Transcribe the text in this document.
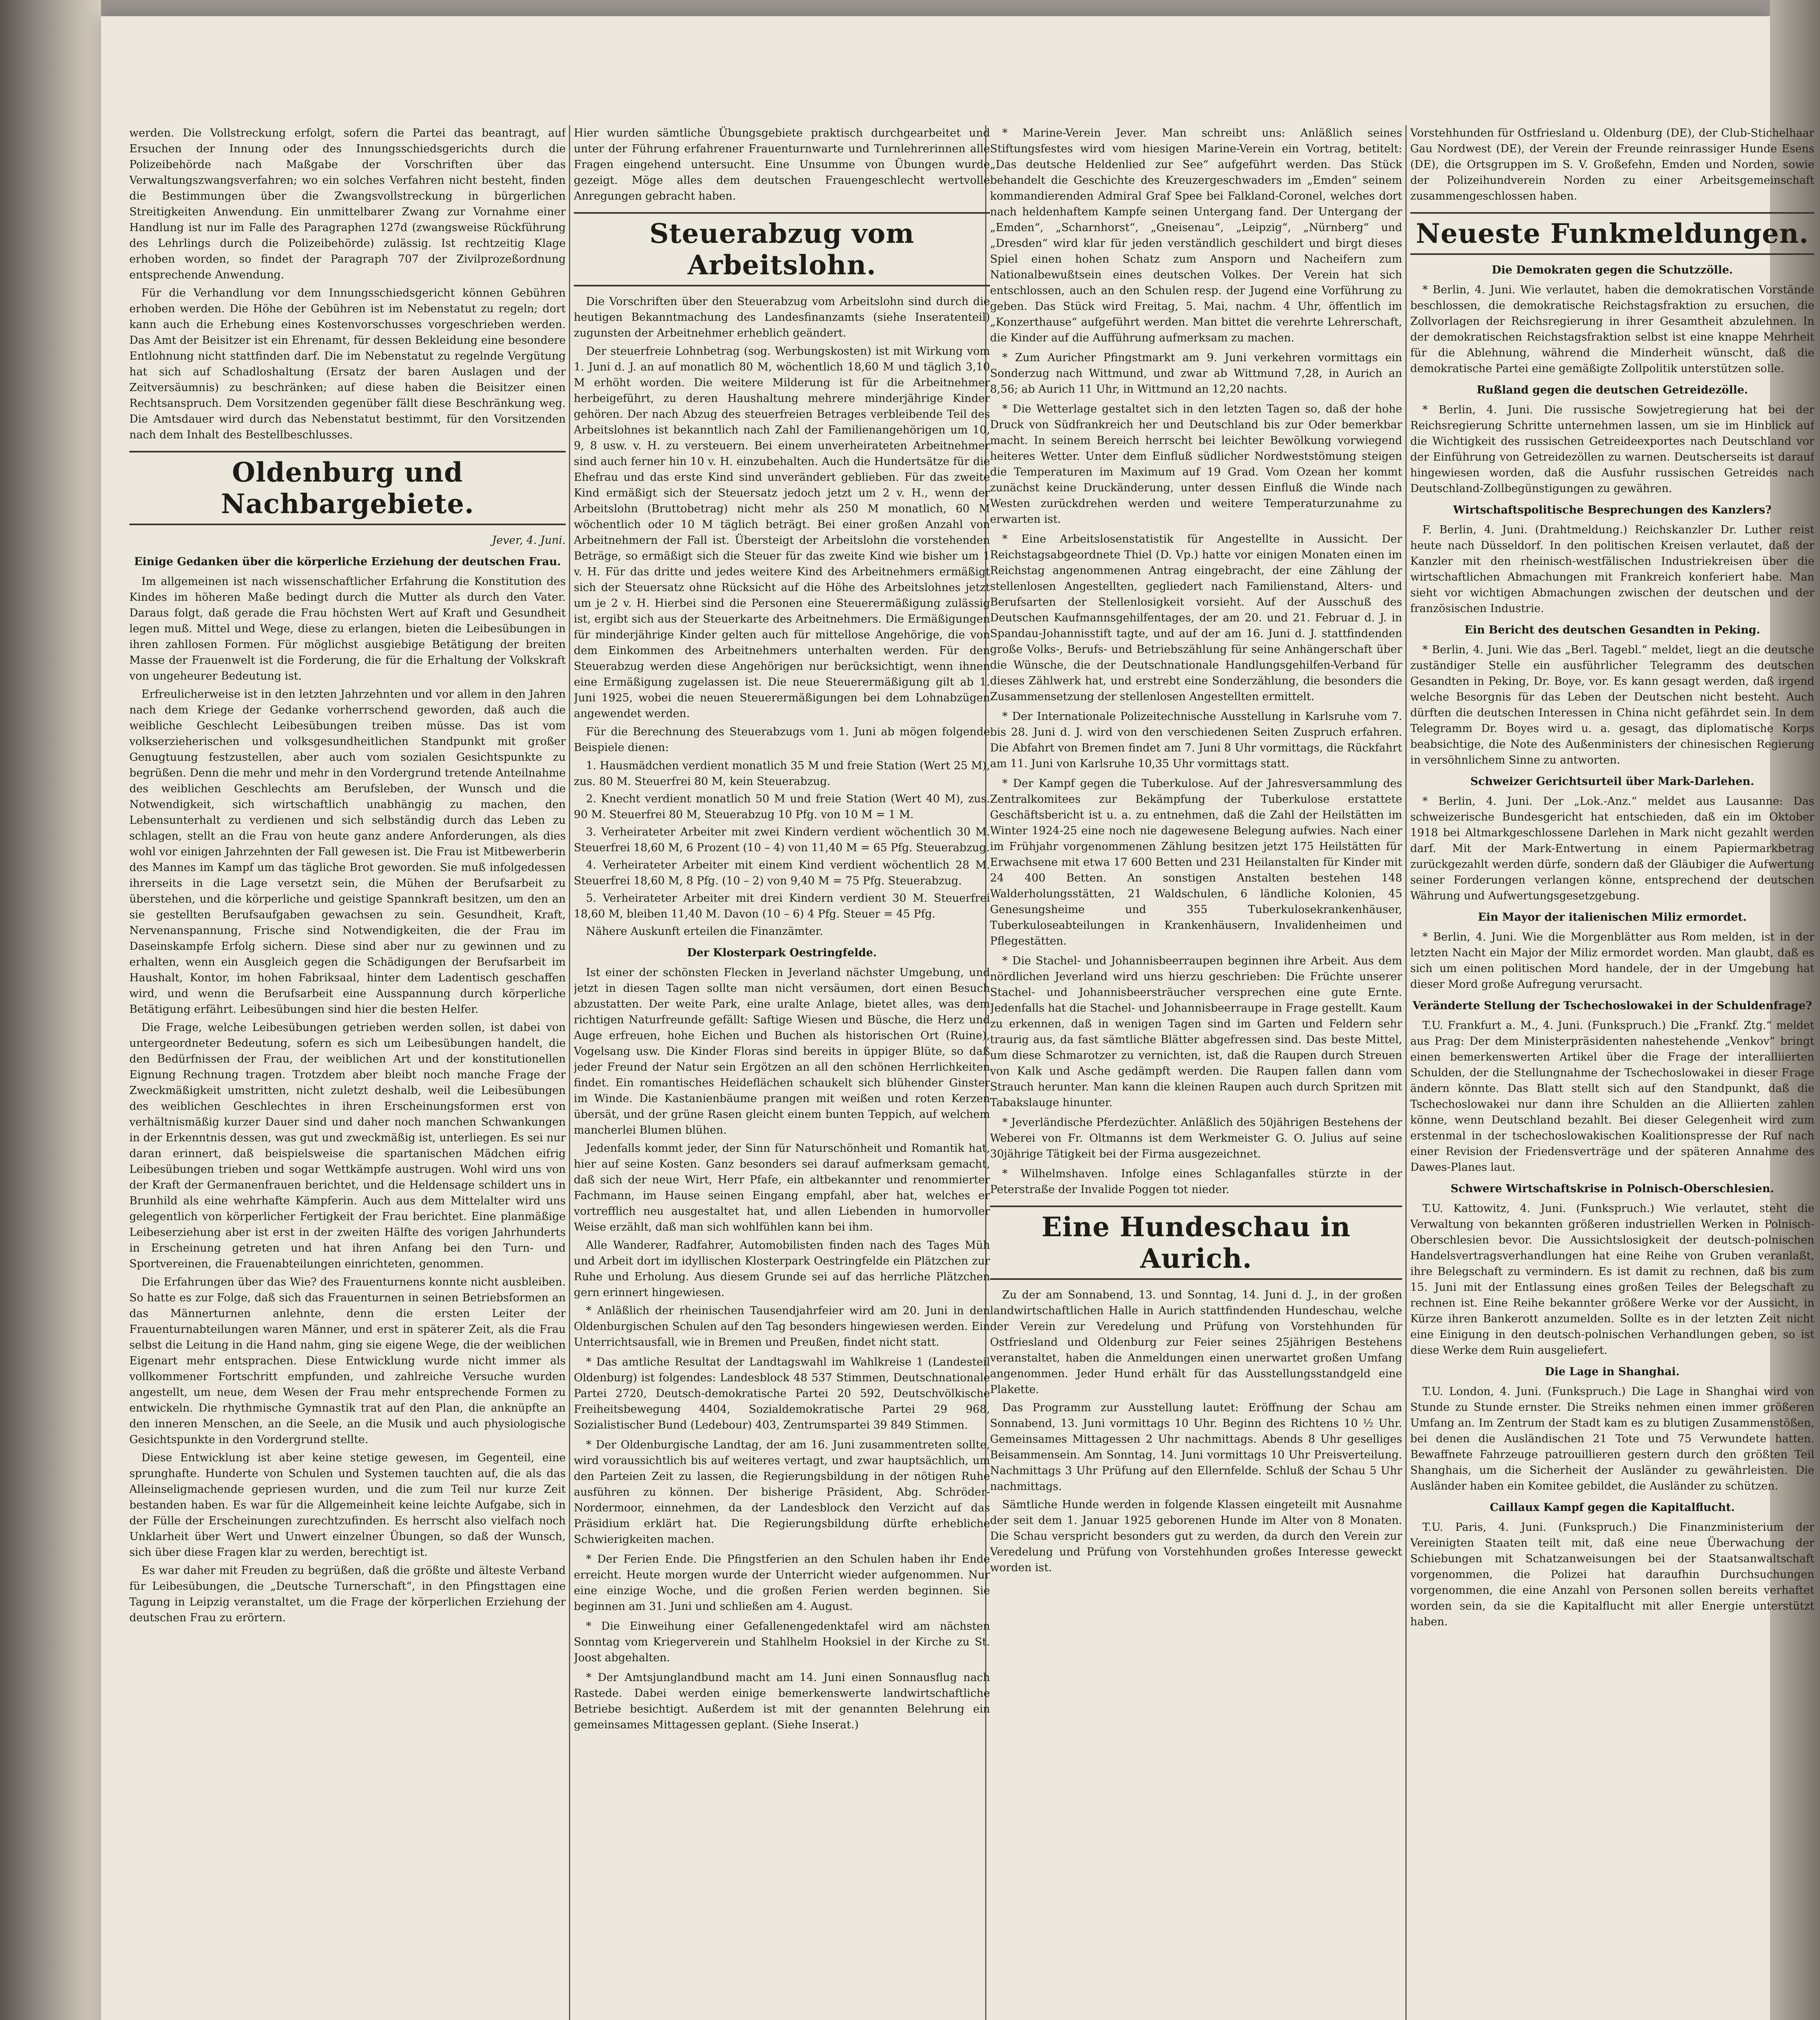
werden. Die Vollstreckung erfolgt, sofern die Partei das beantragt, auf Ersuchen der Innung oder des Innungsschiedsgerichts durch die Polizeibehörde nach Maßgabe der Vorschriften über das Verwaltungszwangsverfahren; wo ein solches Verfahren nicht besteht, finden die Bestimmungen über die Zwangsvollstreckung in bürgerlichen Streitigkeiten Anwendung. Ein unmittelbarer Zwang zur Vornahme einer Handlung ist nur im Falle des Paragraphen 127d (zwangsweise Rückführung des Lehrlings durch die Polizeibehörde) zulässig. Ist rechtzeitig Klage erhoben worden, so findet der Paragraph 707 der Zivilprozeßordnung entsprechende Anwendung.

Für die Verhandlung vor dem Innungsschiedsgericht können Gebühren erhoben werden. Die Höhe der Gebühren ist im Nebenstatut zu regeln; dort kann auch die Erhebung eines Kostenvorschusses vorgeschrieben werden. Das Amt der Beisitzer ist ein Ehrenamt, für dessen Bekleidung eine besondere Entlohnung nicht stattfinden darf. Die im Nebenstatut zu regelnde Vergütung hat sich auf Schadloshaltung (Ersatz der baren Auslagen und der Zeitversäumnis) zu beschränken; auf diese haben die Beisitzer einen Rechtsanspruch. Dem Vorsitzenden gegenüber fällt diese Beschränkung weg. Die Amtsdauer wird durch das Nebenstatut bestimmt, für den Vorsitzenden nach dem Inhalt des Bestellbeschlusses.

Oldenburg und Nachbargebiete.
Jever, 4. Juni.
Einige Gedanken über die körperliche Erziehung der deutschen Frau.

Im allgemeinen ist nach wissenschaftlicher Erfahrung die Konstitution des Kindes im höheren Maße bedingt durch die Mutter als durch den Vater. Daraus folgt, daß gerade die Frau höchsten Wert auf Kraft und Gesundheit legen muß. Mittel und Wege, diese zu erlangen, bieten die Leibesübungen in ihren zahllosen Formen. Für möglichst ausgiebige Betätigung der breiten Masse der Frauenwelt ist die Forderung, die für die Erhaltung der Volkskraft von ungeheurer Bedeutung ist.

Erfreulicherweise ist in den letzten Jahrzehnten und vor allem in den Jahren nach dem Kriege der Gedanke vorherrschend geworden, daß auch die weibliche Geschlecht Leibesübungen treiben müsse. Das ist vom volkserzieherischen und volksgesundheitlichen Standpunkt mit großer Genugtuung festzustellen, aber auch vom sozialen Gesichtspunkte zu begrüßen. Denn die mehr und mehr in den Vordergrund tretende Anteilnahme des weiblichen Geschlechts am Berufsleben, der Wunsch und die Notwendigkeit, sich wirtschaftlich unabhängig zu machen, den Lebensunterhalt zu verdienen und sich selbständig durch das Leben zu schlagen, stellt an die Frau von heute ganz andere Anforderungen, als dies wohl vor einigen Jahrzehnten der Fall gewesen ist. Die Frau ist Mitbewerberin des Mannes im Kampf um das tägliche Brot geworden. Sie muß infolgedessen ihrerseits in die Lage versetzt sein, die Mühen der Berufsarbeit zu überstehen, und die körperliche und geistige Spannkraft besitzen, um den an sie gestellten Berufsaufgaben gewachsen zu sein. Gesundheit, Kraft, Nervenanspannung, Frische sind Notwendigkeiten, die der Frau im Daseinskampfe Erfolg sichern. Diese sind aber nur zu gewinnen und zu erhalten, wenn ein Ausgleich gegen die Schädigungen der Berufsarbeit im Haushalt, Kontor, im hohen Fabriksaal, hinter dem Ladentisch geschaffen wird, und wenn die Berufsarbeit eine Ausspannung durch körperliche Betätigung erfährt. Leibesübungen sind hier die besten Helfer.

Die Frage, welche Leibesübungen getrieben werden sollen, ist dabei von untergeordneter Bedeutung, sofern es sich um Leibesübungen handelt, die den Bedürfnissen der Frau, der weiblichen Art und der konstitutionellen Eignung Rechnung tragen. Trotzdem aber bleibt noch manche Frage der Zweckmäßigkeit umstritten, nicht zuletzt deshalb, weil die Leibesübungen des weiblichen Geschlechtes in ihren Erscheinungsformen erst von verhältnismäßig kurzer Dauer sind und daher noch manchen Schwankungen in der Erkenntnis dessen, was gut und zweckmäßig ist, unterliegen. Es sei nur daran erinnert, daß beispielsweise die spartanischen Mädchen eifrig Leibesübungen trieben und sogar Wettkämpfe austrugen. Wohl wird uns von der Kraft der Germanenfrauen berichtet, und die Heldensage schildert uns in Brunhild als eine wehrhafte Kämpferin. Auch aus dem Mittelalter wird uns gelegentlich von körperlicher Fertigkeit der Frau berichtet. Eine planmäßige Leibeserziehung aber ist erst in der zweiten Hälfte des vorigen Jahrhunderts in Erscheinung getreten und hat ihren Anfang bei den Turn- und Sportvereinen, die Frauenabteilungen einrichteten, genommen.

Die Erfahrungen über das Wie? des Frauenturnens konnte nicht ausbleiben. So hatte es zur Folge, daß sich das Frauenturnen in seinen Betriebsformen an das Männerturnen anlehnte, denn die ersten Leiter der Frauenturnabteilungen waren Männer, und erst in späterer Zeit, als die Frau selbst die Leitung in die Hand nahm, ging sie eigene Wege, die der weiblichen Eigenart mehr entsprachen. Diese Entwicklung wurde nicht immer als vollkommener Fortschritt empfunden, und zahlreiche Versuche wurden angestellt, um neue, dem Wesen der Frau mehr entsprechende Formen zu entwickeln. Die rhythmische Gymnastik trat auf den Plan, die anknüpfte an den inneren Menschen, an die Seele, an die Musik und auch physiologische Gesichtspunkte in den Vordergrund stellte.

Diese Entwicklung ist aber keine stetige gewesen, im Gegenteil, eine sprunghafte. Hunderte von Schulen und Systemen tauchten auf, die als das Alleinseligmachende gepriesen wurden, und die zum Teil nur kurze Zeit bestanden haben. Es war für die Allgemeinheit keine leichte Aufgabe, sich in der Fülle der Erscheinungen zurechtzufinden. Es herrscht also vielfach noch Unklarheit über Wert und Unwert einzelner Übungen, so daß der Wunsch, sich über diese Fragen klar zu werden, berechtigt ist.

Es war daher mit Freuden zu begrüßen, daß die größte und älteste Verband für Leibesübungen, die „Deutsche Turnerschaft“, in den Pfingsttagen eine Tagung in Leipzig veranstaltet, um die Frage der körperlichen Erziehung der deutschen Frau zu erörtern.

Hier wurden sämtliche Übungsgebiete praktisch durchgearbeitet und unter der Führung erfahrener Frauenturnwarte und Turnlehrerinnen alle Fragen eingehend untersucht. Eine Unsumme von Übungen wurde gezeigt. Möge alles dem deutschen Frauengeschlecht wertvolle Anregungen gebracht haben.

Steuerabzug vom Arbeitslohn.

Die Vorschriften über den Steuerabzug vom Arbeitslohn sind durch die heutigen Bekanntmachung des Landesfinanzamts (siehe Inseratenteil) zugunsten der Arbeitnehmer erheblich geändert.

Der steuerfreie Lohnbetrag (sog. Werbungskosten) ist mit Wirkung vom 1. Juni d. J. an auf monatlich 80 M, wöchentlich 18,60 M und täglich 3,10 M erhöht worden. Die weitere Milderung ist für die Arbeitnehmer herbeigeführt, zu deren Haushaltung mehrere minderjährige Kinder gehören. Der nach Abzug des steuerfreien Betrages verbleibende Teil des Arbeitslohnes ist bekanntlich nach Zahl der Familienangehörigen um 10, 9, 8 usw. v. H. zu versteuern. Bei einem unverheirateten Arbeitnehmer sind auch ferner hin 10 v. H. einzubehalten. Auch die Hundertsätze für die Ehefrau und das erste Kind sind unverändert geblieben. Für das zweite Kind ermäßigt sich der Steuersatz jedoch jetzt um 2 v. H., wenn der Arbeitslohn (Bruttobetrag) nicht mehr als 250 M monatlich, 60 M wöchentlich oder 10 M täglich beträgt. Bei einer großen Anzahl von Arbeitnehmern der Fall ist. Übersteigt der Arbeitslohn die vorstehenden Beträge, so ermäßigt sich die Steuer für das zweite Kind wie bisher um 1 v. H. Für das dritte und jedes weitere Kind des Arbeitnehmers ermäßigt sich der Steuersatz ohne Rücksicht auf die Höhe des Arbeitslohnes jetzt um je 2 v. H. Hierbei sind die Personen eine Steuerermäßigung zulässig ist, ergibt sich aus der Steuerkarte des Arbeitnehmers. Die Ermäßigungen für minderjährige Kinder gelten auch für mittellose Angehörige, die von dem Einkommen des Arbeitnehmers unterhalten werden. Für den Steuerabzug werden diese Angehörigen nur berücksichtigt, wenn ihnen eine Ermäßigung zugelassen ist. Die neue Steuerermäßigung gilt ab 1. Juni 1925, wobei die neuen Steuerermäßigungen bei dem Lohnabzügen angewendet werden.

Für die Berechnung des Steuerabzugs vom 1. Juni ab mögen folgende Beispiele dienen:

1. Hausmädchen verdient monatlich 35 M und freie Station (Wert 25 M), zus. 80 M. Steuerfrei 80 M, kein Steuerabzug.

2. Knecht verdient monatlich 50 M und freie Station (Wert 40 M), zus. 90 M. Steuerfrei 80 M, Steuerabzug 10 Pfg. von 10 M = 1 M.

3. Verheirateter Arbeiter mit zwei Kindern verdient wöchentlich 30 M. Steuerfrei 18,60 M, 6 Prozent (10 – 4) von 11,40 M = 65 Pfg. Steuerabzug.

4. Verheirateter Arbeiter mit einem Kind verdient wöchentlich 28 M. Steuerfrei 18,60 M, 8 Pfg. (10 – 2) von 9,40 M = 75 Pfg. Steuerabzug.

5. Verheirateter Arbeiter mit drei Kindern verdient 30 M. Steuerfrei 18,60 M, bleiben 11,40 M. Davon (10 – 6) 4 Pfg. Steuer = 45 Pfg.

Nähere Auskunft erteilen die Finanzämter.

Der Klosterpark Oestringfelde.

Ist einer der schönsten Flecken in Jeverland nächster Umgebung, und jetzt in diesen Tagen sollte man nicht versäumen, dort einen Besuch abzustatten. Der weite Park, eine uralte Anlage, bietet alles, was dem richtigen Naturfreunde gefällt: Saftige Wiesen und Büsche, die Herz und Auge erfreuen, hohe Eichen und Buchen als historischen Ort (Ruine), Vogelsang usw. Die Kinder Floras sind bereits in üppiger Blüte, so daß jeder Freund der Natur sein Ergötzen an all den schönen Herrlichkeiten findet. Ein romantisches Heideflächen schaukelt sich blühender Ginster im Winde. Die Kastanienbäume prangen mit weißen und roten Kerzen übersät, und der grüne Rasen gleicht einem bunten Teppich, auf welchem mancherlei Blumen blühen.

Jedenfalls kommt jeder, der Sinn für Naturschönheit und Romantik hat, hier auf seine Kosten. Ganz besonders sei darauf aufmerksam gemacht, daß sich der neue Wirt, Herr Pfafe, ein altbekannter und renommierter Fachmann, im Hause seinen Eingang empfahl, aber hat, welches er vortrefflich neu ausgestaltet hat, und allen Liebenden in humorvoller Weise erzählt, daß man sich wohlfühlen kann bei ihm.

Alle Wanderer, Radfahrer, Automobilisten finden nach des Tages Müh und Arbeit dort im idyllischen Klosterpark Oestringfelde ein Plätzchen zur Ruhe und Erholung. Aus diesem Grunde sei auf das herrliche Plätzchen gern erinnert hingewiesen.

* Anläßlich der rheinischen Tausendjahrfeier wird am 20. Juni in den Oldenburgischen Schulen auf den Tag besonders hingewiesen werden. Ein Unterrichtsausfall, wie in Bremen und Preußen, findet nicht statt.

* Das amtliche Resultat der Landtagswahl im Wahlkreise 1 (Landesteil Oldenburg) ist folgendes: Landesblock 48 537 Stimmen, Deutschnationale Partei 2720, Deutsch-demokratische Partei 20 592, Deutschvölkische Freiheitsbewegung 4404, Sozialdemokratische Partei 29 968, Sozialistischer Bund (Ledebour) 403, Zentrumspartei 39 849 Stimmen.

* Der Oldenburgische Landtag, der am 16. Juni zusammentreten sollte, wird voraussichtlich bis auf weiteres vertagt, und zwar hauptsächlich, um den Parteien Zeit zu lassen, die Regierungsbildung in der nötigen Ruhe ausführen zu können. Der bisherige Präsident, Abg. Schröder-Nordermoor, einnehmen, da der Landesblock den Verzicht auf das Präsidium erklärt hat. Die Regierungsbildung dürfte erhebliche Schwierigkeiten machen.

* Der Ferien Ende. Die Pfingstferien an den Schulen haben ihr Ende erreicht. Heute morgen wurde der Unterricht wieder aufgenommen. Nur eine einzige Woche, und die großen Ferien werden beginnen. Sie beginnen am 31. Juni und schließen am 4. August.

* Die Einweihung einer Gefallenengedenktafel wird am nächsten Sonntag vom Kriegerverein und Stahlhelm Hooksiel in der Kirche zu St. Joost abgehalten.

* Der Amtsjunglandbund macht am 14. Juni einen Sonnausflug nach Rastede. Dabei werden einige bemerkenswerte landwirtschaftliche Betriebe besichtigt. Außerdem ist mit der genannten Belehrung ein gemeinsames Mittagessen geplant. (Siehe Inserat.)

* Marine-Verein Jever. Man schreibt uns: Anläßlich seines Stiftungsfestes wird vom hiesigen Marine-Verein ein Vortrag, betitelt: „Das deutsche Heldenlied zur See“ aufgeführt werden. Das Stück behandelt die Geschichte des Kreuzergeschwaders im „Emden“ seinem kommandierenden Admiral Graf Spee bei Falkland-Coronel, welches dort nach heldenhaftem Kampfe seinen Untergang fand. Der Untergang der „Emden“, „Scharnhorst“, „Gneisenau“, „Leipzig“, „Nürnberg“ und „Dresden“ wird klar für jeden verständlich geschildert und birgt dieses Spiel einen hohen Schatz zum Ansporn und Nacheifern zum Nationalbewußtsein eines deutschen Volkes. Der Verein hat sich entschlossen, auch an den Schulen resp. der Jugend eine Vorführung zu geben. Das Stück wird Freitag, 5. Mai, nachm. 4 Uhr, öffentlich im „Konzerthause“ aufgeführt werden. Man bittet die verehrte Lehrerschaft, die Kinder auf die Aufführung aufmerksam zu machen.

* Zum Auricher Pfingstmarkt am 9. Juni verkehren vormittags ein Sonderzug nach Wittmund, und zwar ab Wittmund 7,28, in Aurich an 8,56; ab Aurich 11 Uhr, in Wittmund an 12,20 nachts.

* Die Wetterlage gestaltet sich in den letzten Tagen so, daß der hohe Druck von Südfrankreich her und Deutschland bis zur Oder bemerkbar macht. In seinem Bereich herrscht bei leichter Bewölkung vorwiegend heiteres Wetter. Unter dem Einfluß südlicher Nordweststömung steigen die Temperaturen im Maximum auf 19 Grad. Vom Ozean her kommt zunächst keine Druckänderung, unter dessen Einfluß die Winde nach Westen zurückdrehen werden und weitere Temperaturzunahme zu erwarten ist.

* Eine Arbeitslosenstatistik für Angestellte in Aussicht. Der Reichstagsabgeordnete Thiel (D. Vp.) hatte vor einigen Monaten einen im Reichstag angenommenen Antrag eingebracht, der eine Zählung der stellenlosen Angestellten, gegliedert nach Familienstand, Alters- und Berufsarten der Stellenlosigkeit vorsieht. Auf der Ausschuß des Deutschen Kaufmannsgehilfentages, der am 20. und 21. Februar d. J. in Spandau-Johannisstift tagte, und auf der am 16. Juni d. J. stattfindenden große Volks-, Berufs- und Betriebszählung für seine Anhängerschaft über die Wünsche, die der Deutschnationale Handlungsgehilfen-Verband für dieses Zählwerk hat, und erstrebt eine Sonderzählung, die besonders die Zusammensetzung der stellenlosen Angestellten ermittelt.

* Der Internationale Polizeitechnische Ausstellung in Karlsruhe vom 7. bis 28. Juni d. J. wird von den verschiedenen Seiten Zuspruch erfahren. Die Abfahrt von Bremen findet am 7. Juni 8 Uhr vormittags, die Rückfahrt am 11. Juni von Karlsruhe 10,35 Uhr vormittags statt.

* Der Kampf gegen die Tuberkulose. Auf der Jahresversammlung des Zentralkomitees zur Bekämpfung der Tuberkulose erstattete Geschäftsbericht ist u. a. zu entnehmen, daß die Zahl der Heilstätten im Winter 1924-25 eine noch nie dagewesene Belegung aufwies. Nach einer im Frühjahr vorgenommenen Zählung besitzen jetzt 175 Heilstätten für Erwachsene mit etwa 17 600 Betten und 231 Heilanstalten für Kinder mit 24 400 Betten. An sonstigen Anstalten bestehen 148 Walderholungsstätten, 21 Waldschulen, 6 ländliche Kolonien, 45 Genesungsheime und 355 Tuberkulosekrankenhäuser, Tuberkuloseabteilungen in Krankenhäusern, Invalidenheimen und Pflegestätten.

* Die Stachel- und Johannisbeerraupen beginnen ihre Arbeit. Aus dem nördlichen Jeverland wird uns hierzu geschrieben: Die Früchte unserer Stachel- und Johannisbeersträucher versprechen eine gute Ernte. Jedenfalls hat die Stachel- und Johannisbeerraupe in Frage gestellt. Kaum zu erkennen, daß in wenigen Tagen sind im Garten und Feldern sehr traurig aus, da fast sämtliche Blätter abgefressen sind. Das beste Mittel, um diese Schmarotzer zu vernichten, ist, daß die Raupen durch Streuen von Kalk und Asche gedämpft werden. Die Raupen fallen dann vom Strauch herunter. Man kann die kleinen Raupen auch durch Spritzen mit Tabakslauge hinunter.

* Jeverländische Pferdezüchter. Anläßlich des 50jährigen Bestehens der Weberei von Fr. Oltmanns ist dem Werkmeister G. O. Julius auf seine 30jährige Tätigkeit bei der Firma ausgezeichnet.

* Wilhelmshaven. Infolge eines Schlaganfalles stürzte in der Peterstraße der Invalide Poggen tot nieder.

Eine Hundeschau in Aurich.

Zu der am Sonnabend, 13. und Sonntag, 14. Juni d. J., in der großen landwirtschaftlichen Halle in Aurich stattfindenden Hundeschau, welche der Verein zur Veredelung und Prüfung von Vorstehhunden für Ostfriesland und Oldenburg zur Feier seines 25jährigen Bestehens veranstaltet, haben die Anmeldungen einen unerwartet großen Umfang angenommen. Jeder Hund erhält für das Ausstellungsstandgeld eine Plakette.

Das Programm zur Ausstellung lautet: Eröffnung der Schau am Sonnabend, 13. Juni vormittags 10 Uhr. Beginn des Richtens 10 ½ Uhr. Gemeinsames Mittagessen 2 Uhr nachmittags. Abends 8 Uhr geselliges Beisammensein. Am Sonntag, 14. Juni vormittags 10 Uhr Preisverteilung. Nachmittags 3 Uhr Prüfung auf den Ellernfelde. Schluß der Schau 5 Uhr nachmittags.

Sämtliche Hunde werden in folgende Klassen eingeteilt mit Ausnahme der seit dem 1. Januar 1925 geborenen Hunde im Alter von 8 Monaten. Die Schau verspricht besonders gut zu werden, da durch den Verein zur Veredelung und Prüfung von Vorstehhunden großes Interesse geweckt worden ist.

Vorstehhunden für Ostfriesland u. Oldenburg (DE), der Club-Stichelhaar Gau Nordwest (DE), der Verein der Freunde reinrassiger Hunde Esens (DE), die Ortsgruppen im S. V. Großefehn, Emden und Norden, sowie der Polizeihundverein Norden zu einer Arbeitsgemeinschaft zusammengeschlossen haben.

Neueste Funkmeldungen.
Die Demokraten gegen die Schutzzölle.

* Berlin, 4. Juni. Wie verlautet, haben die demokratischen Vorstände beschlossen, die demokratische Reichstagsfraktion zu ersuchen, die Zollvorlagen der Reichsregierung in ihrer Gesamtheit abzulehnen. In der demokratischen Reichstagsfraktion selbst ist eine knappe Mehrheit für die Ablehnung, während die Minderheit wünscht, daß die demokratische Partei eine gemäßigte Zollpolitik unterstützen solle.

Rußland gegen die deutschen Getreidezölle.

* Berlin, 4. Juni. Die russische Sowjetregierung hat bei der Reichsregierung Schritte unternehmen lassen, um sie im Hinblick auf die Wichtigkeit des russischen Getreideexportes nach Deutschland vor der Einführung von Getreidezöllen zu warnen. Deutscherseits ist darauf hingewiesen worden, daß die Ausfuhr russischen Getreides nach Deutschland-Zollbegünstigungen zu gewähren.

Wirtschaftspolitische Besprechungen des Kanzlers?

F. Berlin, 4. Juni. (Drahtmeldung.) Reichskanzler Dr. Luther reist heute nach Düsseldorf. In den politischen Kreisen verlautet, daß der Kanzler mit den rheinisch-westfälischen Industriekreisen über die wirtschaftlichen Abmachungen mit Frankreich konferiert habe. Man sieht vor wichtigen Abmachungen zwischen der deutschen und der französischen Industrie.

Ein Bericht des deutschen Gesandten in Peking.

* Berlin, 4. Juni. Wie das „Berl. Tagebl.“ meldet, liegt an die deutsche zuständiger Stelle ein ausführlicher Telegramm des deutschen Gesandten in Peking, Dr. Boye, vor. Es kann gesagt werden, daß irgend welche Besorgnis für das Leben der Deutschen nicht besteht. Auch dürften die deutschen Interessen in China nicht gefährdet sein. In dem Telegramm Dr. Boyes wird u. a. gesagt, das diplomatische Korps beabsichtige, die Note des Außenministers der chinesischen Regierung in versöhnlichem Sinne zu antworten.

Schweizer Gerichtsurteil über Mark-Darlehen.

* Berlin, 4. Juni. Der „Lok.-Anz.“ meldet aus Lausanne: Das schweizerische Bundesgericht hat entschieden, daß ein im Oktober 1918 bei Altmarkgeschlossene Darlehen in Mark nicht gezahlt werden darf. Mit der Mark-Entwertung in einem Papiermarkbetrag zurückgezahlt werden dürfe, sondern daß der Gläubiger die Aufwertung seiner Forderungen verlangen könne, entsprechend der deutschen Währung und Aufwertungsgesetzgebung.

Ein Mayor der italienischen Miliz ermordet.

* Berlin, 4. Juni. Wie die Morgenblätter aus Rom melden, ist in der letzten Nacht ein Major der Miliz ermordet worden. Man glaubt, daß es sich um einen politischen Mord handele, der in der Umgebung hat dieser Mord große Aufregung verursacht.

Veränderte Stellung der Tschechoslowakei in der Schuldenfrage?

T.U. Frankfurt a. M., 4. Juni. (Funkspruch.) Die „Frankf. Ztg.“ meldet aus Prag: Der dem Ministerpräsidenten nahestehende „Venkov“ bringt einen bemerkenswerten Artikel über die Frage der interalliierten Schulden, der die Stellungnahme der Tschechoslowakei in dieser Frage ändern könnte. Das Blatt stellt sich auf den Standpunkt, daß die Tschechoslowakei nur dann ihre Schulden an die Alliierten zahlen könne, wenn Deutschland bezahlt. Bei dieser Gelegenheit wird zum erstenmal in der tschechoslowakischen Koalitionspresse der Ruf nach einer Revision der Friedensverträge und der späteren Annahme des Dawes-Planes laut.

Schwere Wirtschaftskrise in Polnisch-Oberschlesien.

T.U. Kattowitz, 4. Juni. (Funkspruch.) Wie verlautet, steht die Verwaltung von bekannten größeren industriellen Werken in Polnisch-Oberschlesien bevor. Die Aussichtslosigkeit der deutsch-polnischen Handelsvertragsverhandlungen hat eine Reihe von Gruben veranlaßt, ihre Belegschaft zu vermindern. Es ist damit zu rechnen, daß bis zum 15. Juni mit der Entlassung eines großen Teiles der Belegschaft zu rechnen ist. Eine Reihe bekannter größere Werke vor der Aussicht, in Kürze ihren Bankerott anzumelden. Sollte es in der letzten Zeit nicht eine Einigung in den deutsch-polnischen Verhandlungen geben, so ist diese Werke dem Ruin ausgeliefert.

Die Lage in Shanghai.

T.U. London, 4. Juni. (Funkspruch.) Die Lage in Shanghai wird von Stunde zu Stunde ernster. Die Streiks nehmen einen immer größeren Umfang an. Im Zentrum der Stadt kam es zu blutigen Zusammenstößen, bei denen die Ausländischen 21 Tote und 75 Verwundete hatten. Bewaffnete Fahrzeuge patrouillieren gestern durch den größten Teil Shanghais, um die Sicherheit der Ausländer zu gewährleisten. Die Ausländer haben ein Komitee gebildet, die Ausländer zu schützen.

Caillaux Kampf gegen die Kapitalflucht.

T.U. Paris, 4. Juni. (Funkspruch.) Die Finanzministerium der Vereinigten Staaten teilt mit, daß eine neue Überwachung der Schiebungen mit Schatzanweisungen bei der Staatsanwaltschaft vorgenommen, die Polizei hat daraufhin Durchsuchungen vorgenommen, die eine Anzahl von Personen sollen bereits verhaftet worden sein, da sie die Kapitalflucht mit aller Energie unterstützt haben.
